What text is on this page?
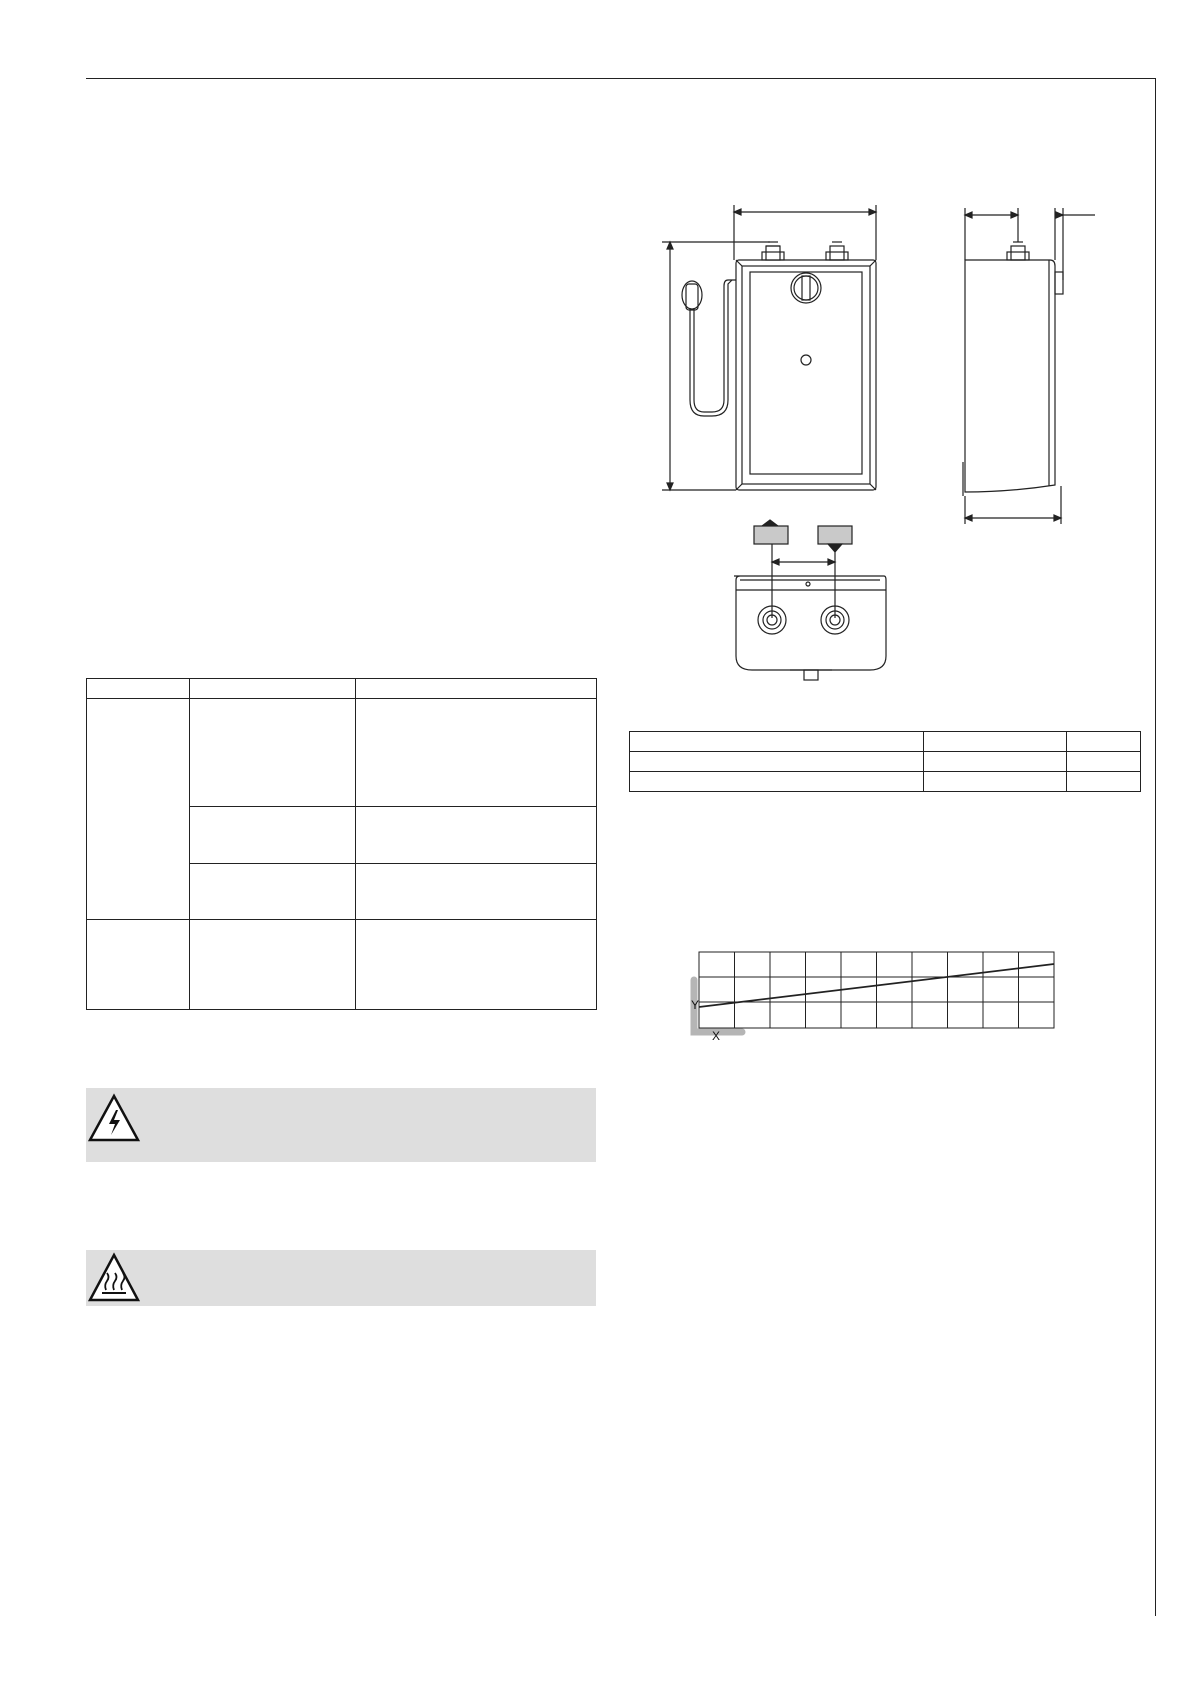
Y
X
